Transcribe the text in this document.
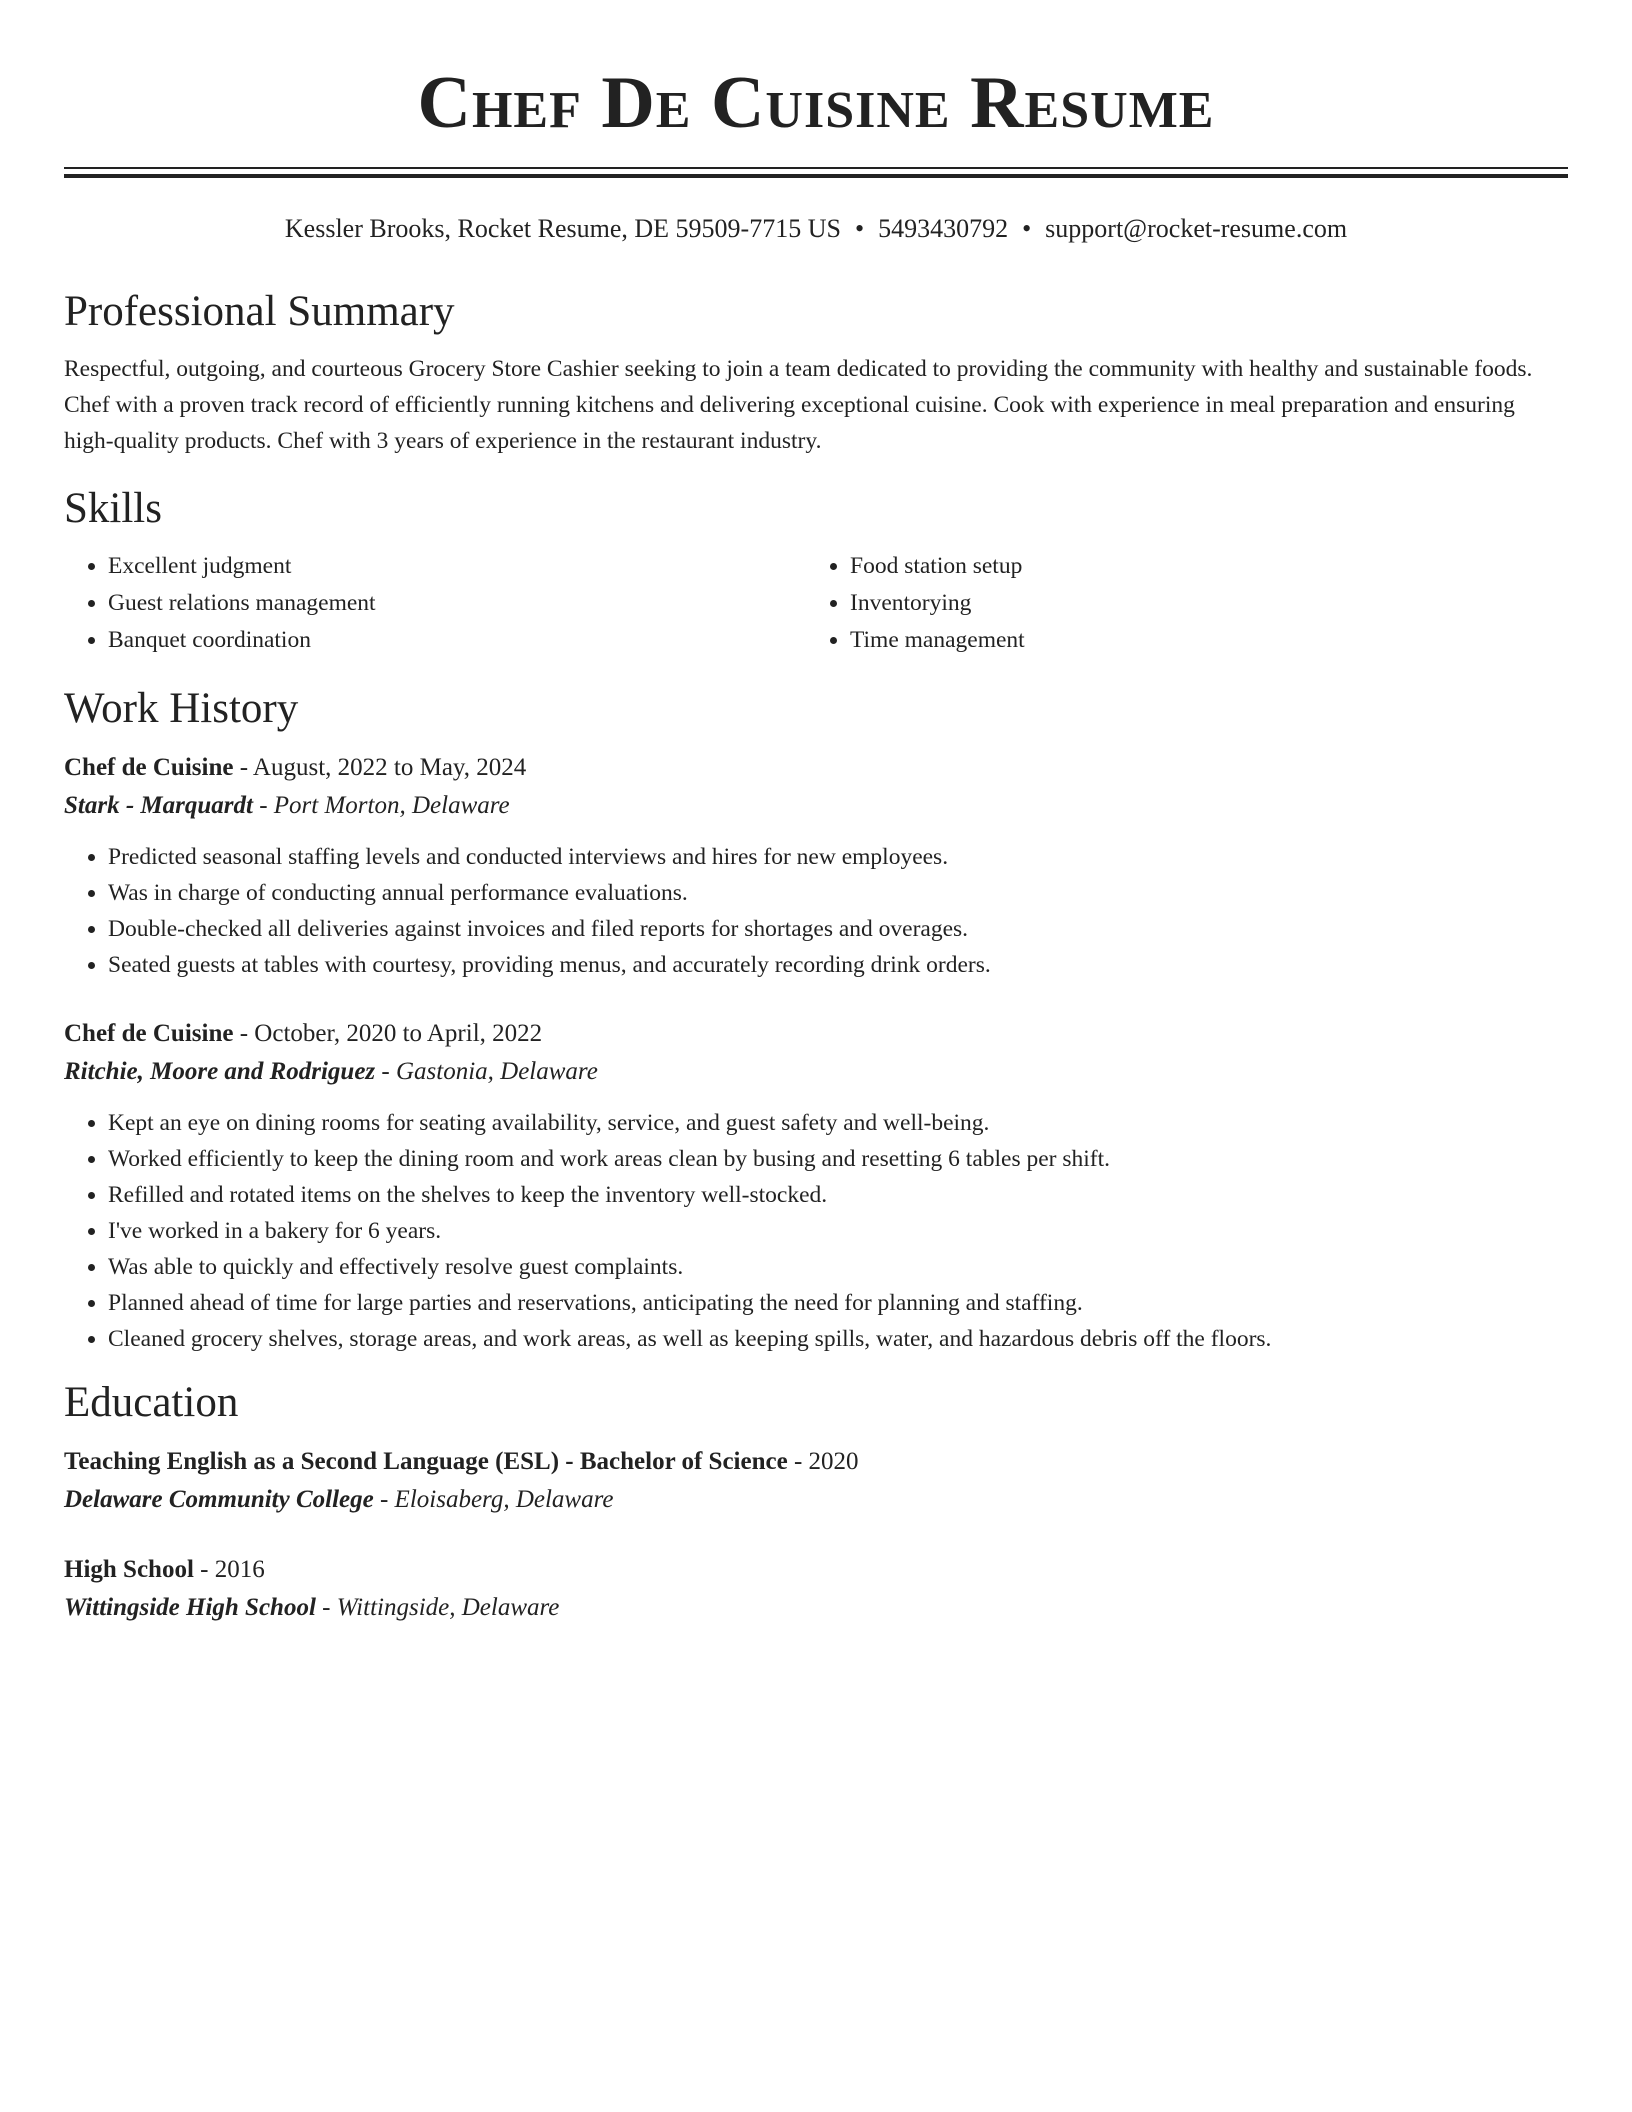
Chef De Cuisine Resume
Kessler Brooks, Rocket Resume, DE 59509-7715 US • 5493430792 • support@rocket-resume.com
Professional Summary

Respectful, outgoing, and courteous Grocery Store Cashier seeking to join a team dedicated to providing the community with healthy and sustainable foods. Chef with a proven track record of efficiently running kitchens and delivering exceptional cuisine. Cook with experience in meal preparation and ensuring high-quality products. Chef with 3 years of experience in the restaurant industry.

Skills
• Excellent judgment
• Guest relations management
• Banquet coordination
• Food station setup
• Inventorying
• Time management
Work History

Chef de Cuisine - August, 2022 to May, 2024

Stark - Marquardt - Port Morton, Delaware

• Predicted seasonal staffing levels and conducted interviews and hires for new employees.
• Was in charge of conducting annual performance evaluations.
• Double-checked all deliveries against invoices and filed reports for shortages and overages.
• Seated guests at tables with courtesy, providing menus, and accurately recording drink orders.

Chef de Cuisine - October, 2020 to April, 2022

Ritchie, Moore and Rodriguez - Gastonia, Delaware

• Kept an eye on dining rooms for seating availability, service, and guest safety and well-being.
• Worked efficiently to keep the dining room and work areas clean by busing and resetting 6 tables per shift.
• Refilled and rotated items on the shelves to keep the inventory well-stocked.
• I've worked in a bakery for 6 years.
• Was able to quickly and effectively resolve guest complaints.
• Planned ahead of time for large parties and reservations, anticipating the need for planning and staffing.
• Cleaned grocery shelves, storage areas, and work areas, as well as keeping spills, water, and hazardous debris off the floors.
Education

Teaching English as a Second Language (ESL) - Bachelor of Science - 2020

Delaware Community College - Eloisaberg, Delaware

High School - 2016

Wittingside High School - Wittingside, Delaware
